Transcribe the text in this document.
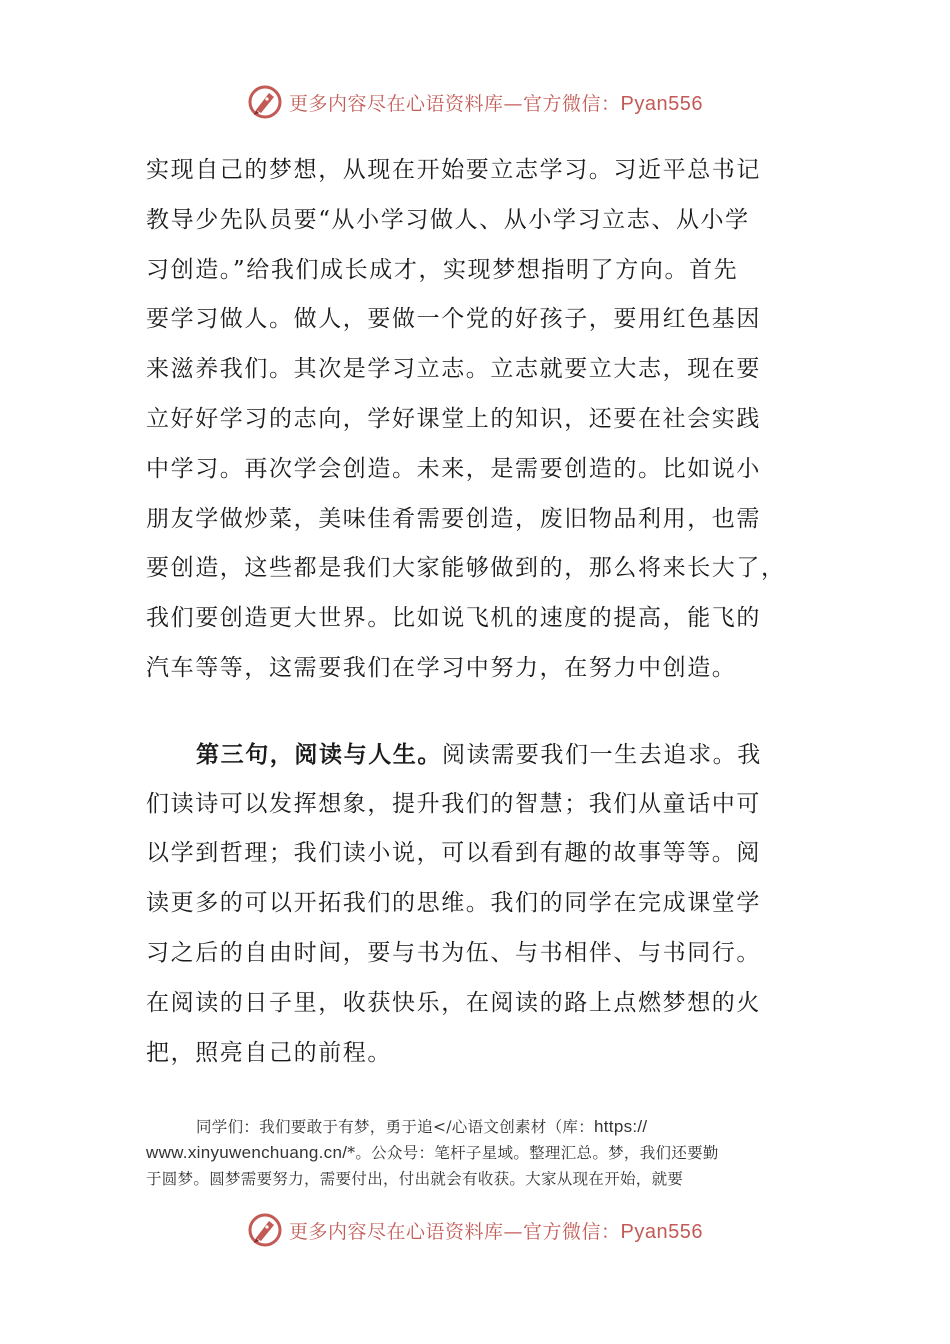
更多内容尽在心语资料库—官方微信：Pyan556
实现自己的梦想，从现在开始要立志学习。习近平总书记
教导少先队员要“从小学习做人、从小学习立志、从小学
习创造。”给我们成长成才，实现梦想指明了方向。首先
要学习做人。做人，要做一个党的好孩子，要用红色基因
来滋养我们。其次是学习立志。立志就要立大志，现在要
立好好学习的志向，学好课堂上的知识，还要在社会实践
中学习。再次学会创造。未来，是需要创造的。比如说小
朋友学做炒菜，美味佳肴需要创造，废旧物品利用，也需
要创造，这些都是我们大家能够做到的，那么将来长大了，
我们要创造更大世界。比如说飞机的速度的提高，能飞的
汽车等等，这需要我们在学习中努力，在努力中创造。
第三句，阅读与人生。阅读需要我们一生去追求。我
们读诗可以发挥想象，提升我们的智慧；我们从童话中可
以学到哲理；我们读小说，可以看到有趣的故事等等。阅
读更多的可以开拓我们的思维。我们的同学在完成课堂学
习之后的自由时间，要与书为伍、与书相伴、与书同行。
在阅读的日子里，收获快乐，在阅读的路上点燃梦想的火
把，照亮自己的前程。
同学们：我们要敢于有梦，勇于追</心语文创素材（库：https://
www.xinyuwenchuang.cn/*。公众号：笔杆子星域。整理汇总。梦，我们还要勤
于圆梦。圆梦需要努力，需要付出，付出就会有收获。大家从现在开始，就要
更多内容尽在心语资料库—官方微信：Pyan556
